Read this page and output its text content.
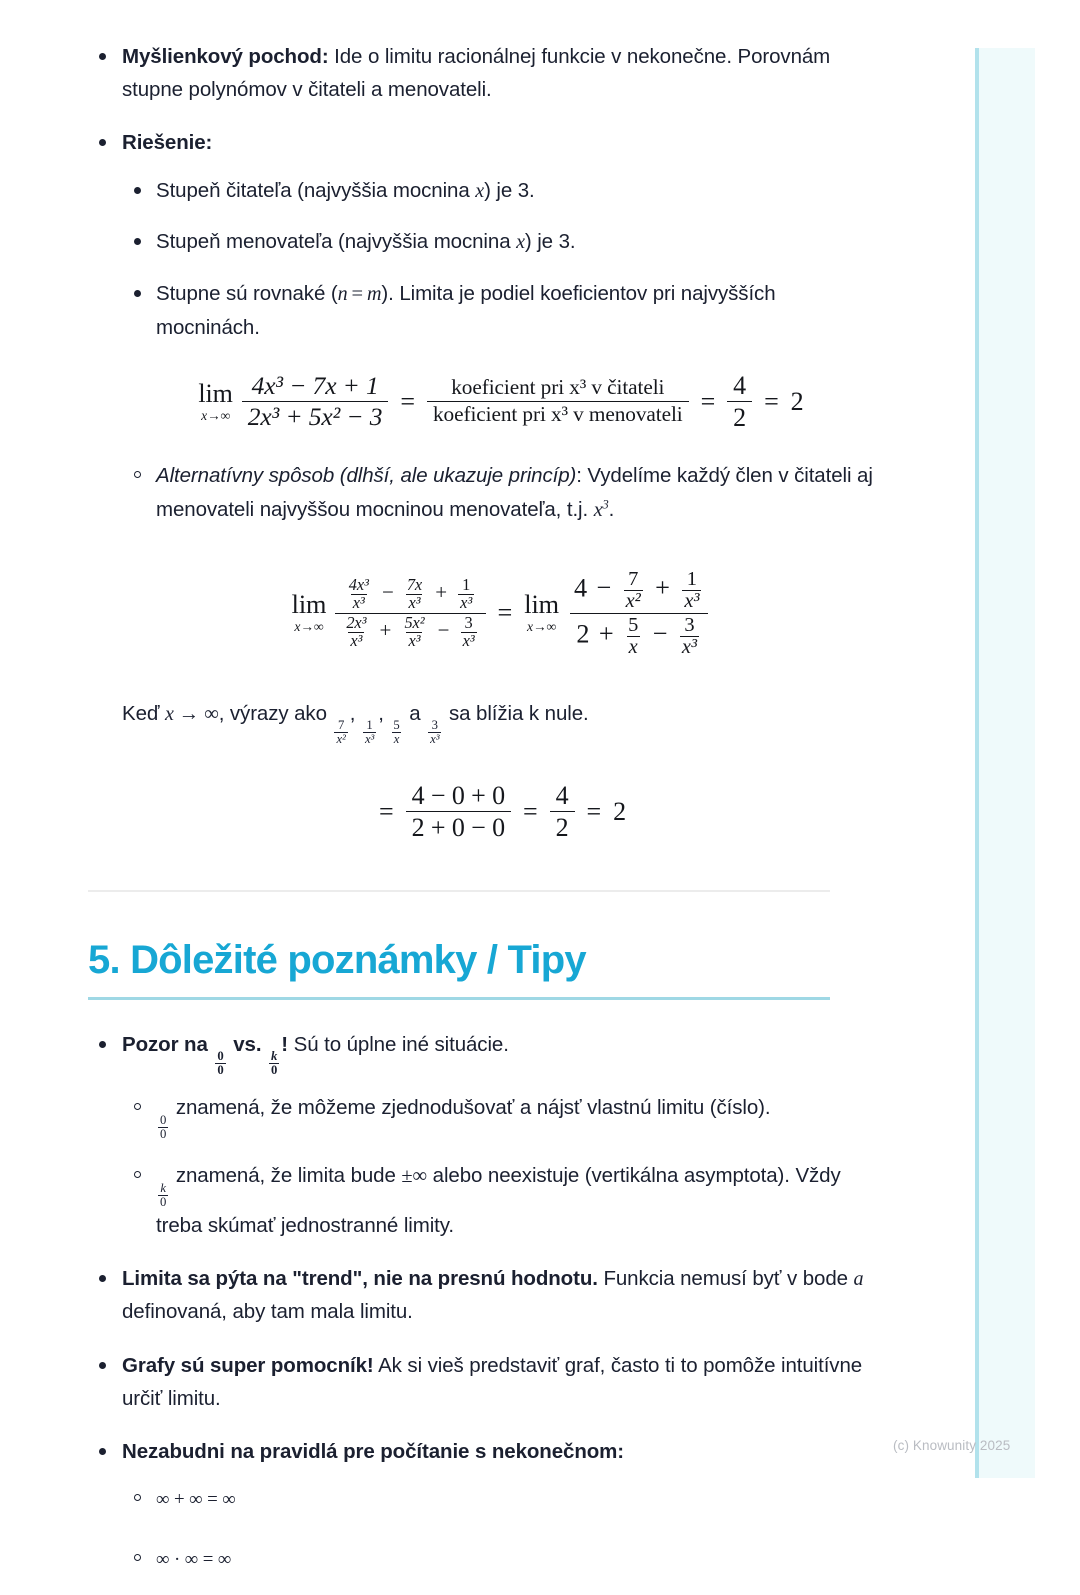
Myšlienkový pochod: Ide o limitu racionálnej funkcie v nekonečne. Porovnám stupne polynómov v čitateli a menovateli.
Riešenie:
Stupeň čitateľa (najvyššia mocnina x) je 3.
Stupeň menovateľa (najvyššia mocnina x) je 3.
Stupne sú rovnaké (n = m). Limita je podiel koeficientov pri najvyšších mocninách.
lim
$x\to\infty \frac{\text{4x³ − 7x + 1}}{\text{2x³ + 5x² − 3}} = \frac{\text{koeficient pri x³ v čitateli}}{\text{koeficient pri x³ v menovateli}} = \frac{4}{2} = 2$
Alternatívny spôsob (dlhší, ale ukazuje princíp): Vydelíme každý člen v čitateli aj menovateli najvyššou mocninou menovateľa, t.j. $x^3$.
lim
x→∞
$\frac{\text{4x³}}{\text{x³}} - \frac{7x}{\text{x³}} + \frac{1}{\text{x³}}$
$\frac{\text{2x³}}{\text{x³}} + \frac{\text{5x²}}{\text{x³}} - \frac{3}{\text{x³}}$
= lim
x→∞
$4 - \frac{7}{\text{x²}} + \frac{1}{\text{x³}}$
$2 + \frac{5}{x} - \frac{3}{\text{x³}}$
Keď x → ∞, výrazy ako
$\frac{7}{\text{x²}}$
,
$\frac{1}{\text{x³}}$
,
$\frac{5}{x}$
a
$\frac{3}{\text{x³}}$
sa blížia k nule.
= $\frac{4 - 0 + 0}{2 + 0 - 0} = \frac{4}{2} = 2$
5. Dôležité poznámky / Tipy
Pozor na
$\frac{0}{0}$
vs.
$\frac{k}{0}$
! Sú to úplne iné situácie.
$\frac{0}{0}$
znamená, že môžeme zjednodušovať a nájsť vlastnú limitu (číslo).
$\frac{k}{0}$
znamená, že limita bude ±∞ alebo neexistuje (vertikálna asymptota). Vždy treba skúmať jednostranné limity.
Limita sa pýta na "trend", nie na presnú hodnotu. Funkcia nemusí byť v bode a definovaná, aby tam mala limitu.
Grafy sú super pomocník! Ak si vieš predstaviť graf, často ti to pomôže intuitívne určiť limitu.
Nezabudni na pravidlá pre počítanie s nekonečnom:
∞ + ∞ = ∞
∞ · ∞ = ∞
(c) Knowunity 2025
